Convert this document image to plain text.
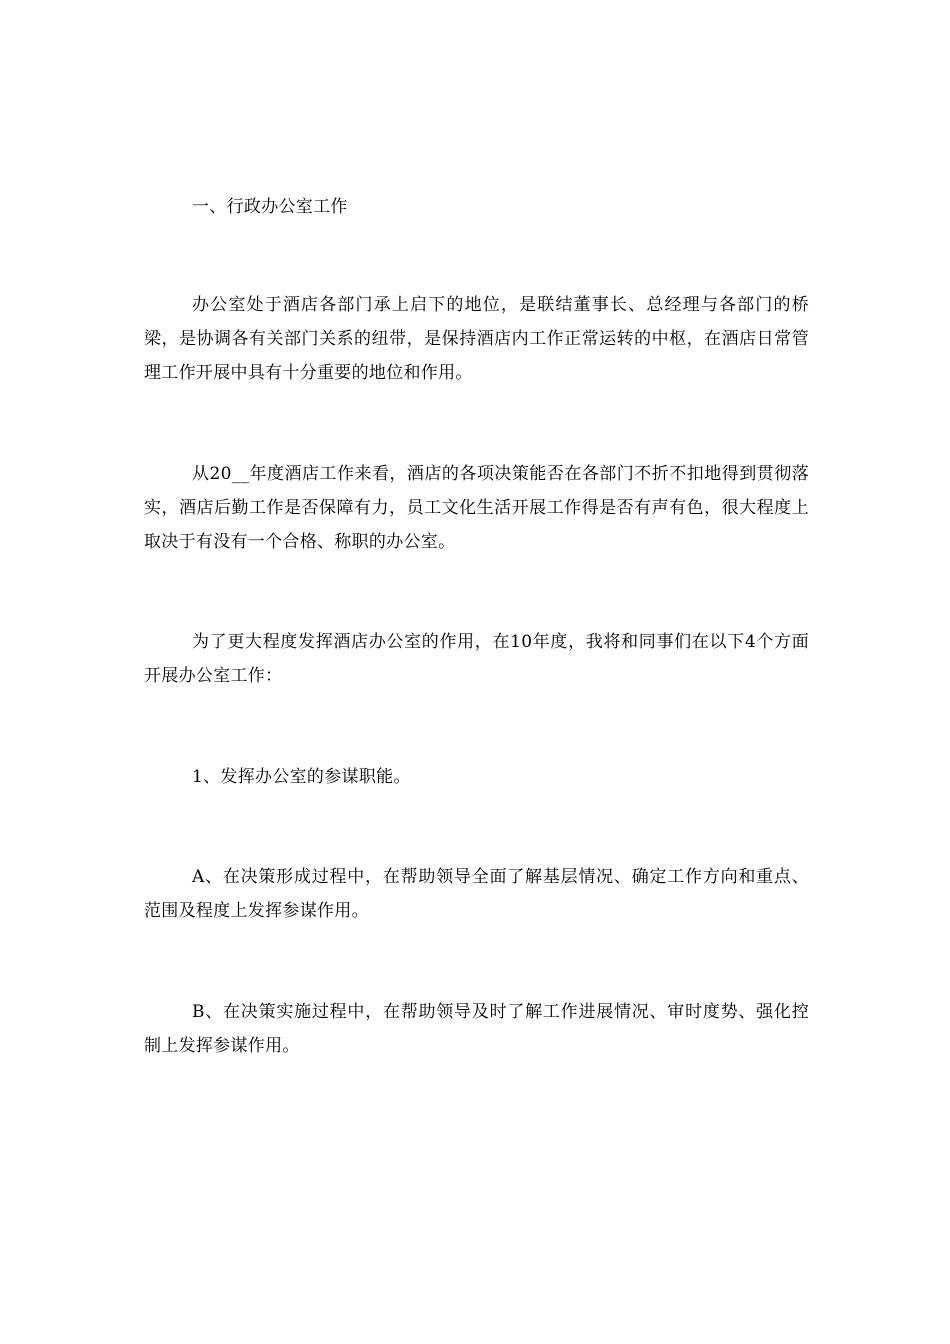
一、行政办公室工作

办公室处于酒店各部门承上启下的地位，是联结董事长、总经理与各部门的桥梁，是协调各有关部门关系的纽带，是保持酒店内工作正常运转的中枢，在酒店日常管理工作开展中具有十分重要的地位和作用。

从20__年度酒店工作来看，酒店的各项决策能否在各部门不折不扣地得到贯彻落实，酒店后勤工作是否保障有力，员工文化生活开展工作得是否有声有色，很大程度上取决于有没有一个合格、称职的办公室。

为了更大程度发挥酒店办公室的作用，在10年度，我将和同事们在以下4个方面开展办公室工作：

1、发挥办公室的参谋职能。

A、在决策形成过程中，在帮助领导全面了解基层情况、确定工作方向和重点、范围及程度上发挥参谋作用。

B、在决策实施过程中，在帮助领导及时了解工作进展情况、审时度势、强化控制上发挥参谋作用。
